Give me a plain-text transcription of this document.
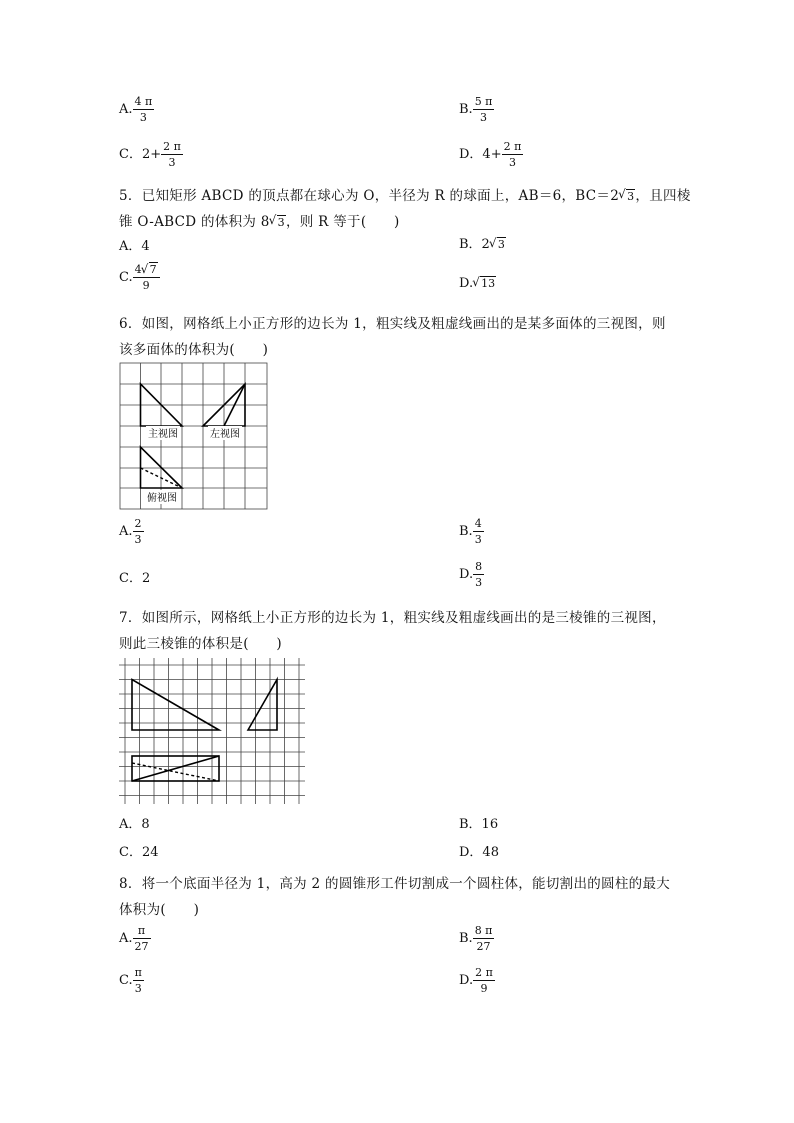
A. $\frac{4 \pi}{3}$	B. $\frac{5 \pi}{3}$
C．$2+ \frac{2 \pi}{3}$	D．$4+ \frac{2 \pi}{3}$
5．已知矩形 ABCD 的顶点都在球心为 O，半径为 R 的球面上，AB＝6，BC＝2 √ 3，且四棱
锥 O-ABCD 的体积为 8 √ 3，则 R 等于(　　)
A．4	B．2 √ 3
C. $\frac{4 √ 7}{9}$	D. √ 13
6．如图，网格纸上小正方形的边长为 1，粗实线及粗虚线画出的是某多面体的三视图，则
该多面体的体积为(　　)
主视图	左视图
俯视图
A. $\frac{2}{3}$	B. $\frac{4}{3}$
C．2	D. $\frac{8}{3}$
7．如图所示，网格纸上小正方形的边长为 1，粗实线及粗虚线画出的是三棱锥的三视图，
则此三棱锥的体积是(　　)
A．8	B．16
C．24	D．48
8．将一个底面半径为 1，高为 2 的圆锥形工件切割成一个圆柱体，能切割出的圆柱的最大
体积为(　　)
A. $\frac{\pi}{27}$	B. $\frac{8 \pi}{27}$
C. $\frac{\pi}{3}$	D. $\frac{2 \pi}{9}$
